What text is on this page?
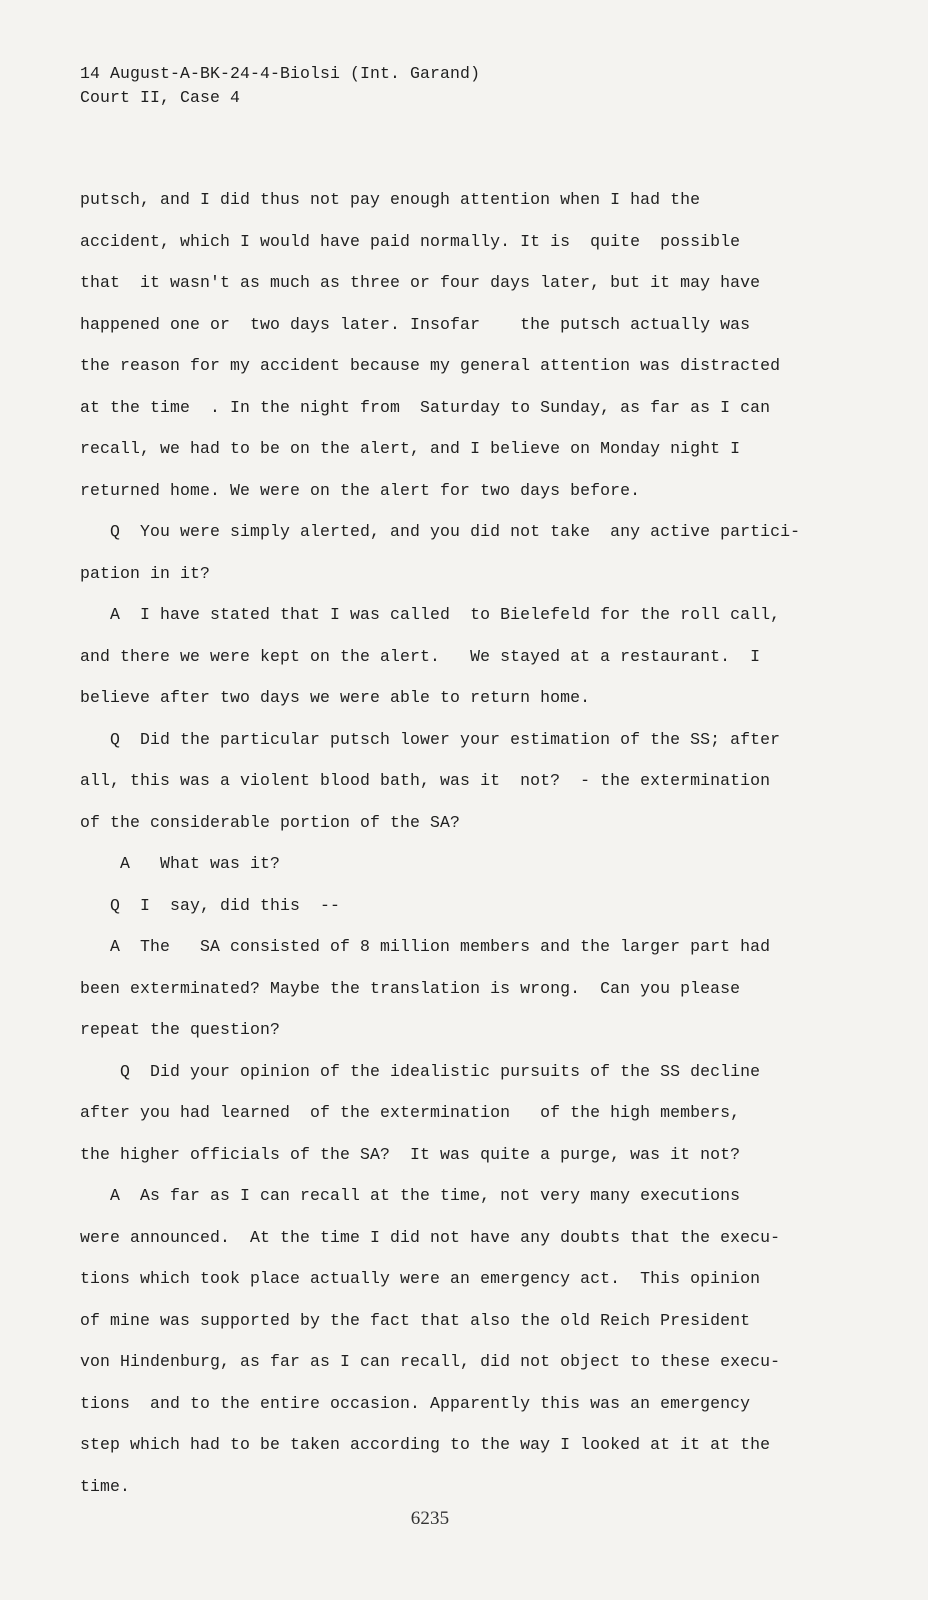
14 August-A-BK-24-4-Biolsi (Int. Garand)
Court II, Case 4
putsch, and I did thus not pay enough attention when I had the
accident, which I would have paid normally. It is  quite  possible
that  it wasn't as much as three or four days later, but it may have
happened one or  two days later. Insofar    the putsch actually was
the reason for my accident because my general attention was distracted
at the time  . In the night from  Saturday to Sunday, as far as I can
recall, we had to be on the alert, and I believe on Monday night I
returned home. We were on the alert for two days before.
Q  You were simply alerted, and you did not take  any active partici-
pation in it?
A  I have stated that I was called  to Bielefeld for the roll call,
and there we were kept on the alert.   We stayed at a restaurant.  I
believe after two days we were able to return home.
Q  Did the particular putsch lower your estimation of the SS; after
all, this was a violent blood bath, was it  not?  - the extermination
of the considerable portion of the SA?
A   What was it?
Q  I  say, did this  --
A  The   SA consisted of 8 million members and the larger part had
been exterminated? Maybe the translation is wrong.  Can you please
repeat the question?
Q  Did your opinion of the idealistic pursuits of the SS decline
after you had learned  of the extermination   of the high members,
the higher officials of the SA?  It was quite a purge, was it not?
A  As far as I can recall at the time, not very many executions
were announced.  At the time I did not have any doubts that the execu-
tions which took place actually were an emergency act.  This opinion
of mine was supported by the fact that also the old Reich President
von Hindenburg, as far as I can recall, did not object to these execu-
tions  and to the entire occasion. Apparently this was an emergency
step which had to be taken according to the way I looked at it at the
time.
6235
